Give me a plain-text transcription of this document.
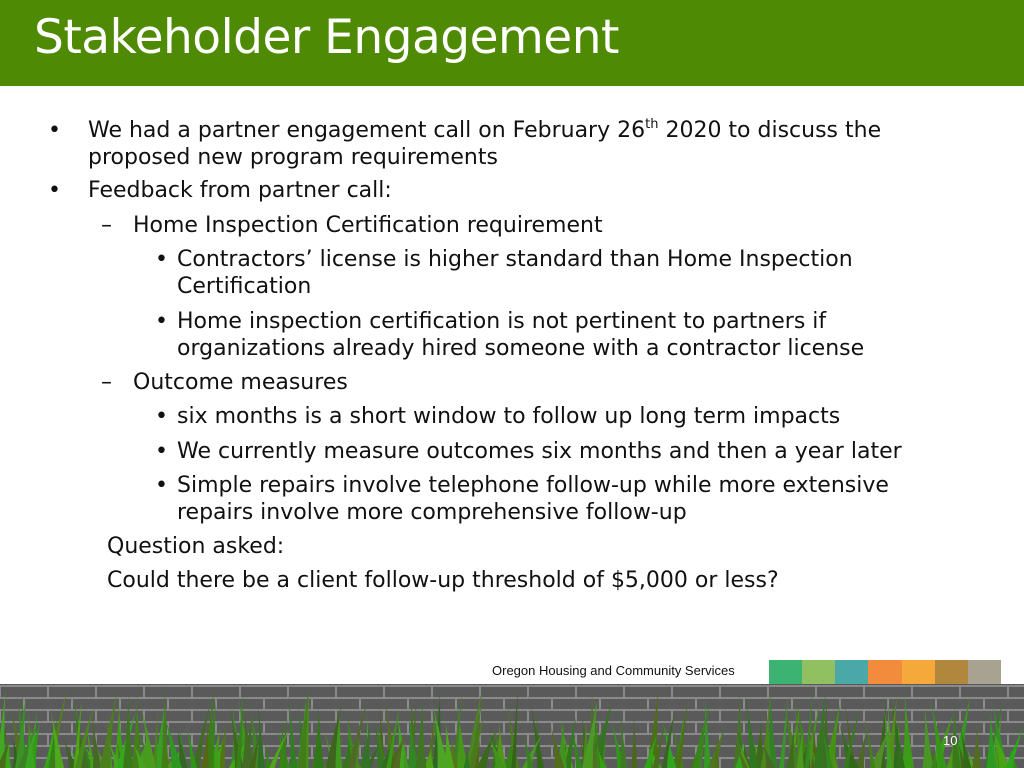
Stakeholder Engagement
• We had a partner engagement call on February 26th 2020 to discuss the
proposed new program requirements
• Feedback from partner call:
– Home Inspection Certification requirement
• Contractors’ license is higher standard than Home Inspection
Certification
• Home inspection certification is not pertinent to partners if
organizations already hired someone with a contractor license
– Outcome measures
• six months is a short window to follow up long term impacts
• We currently measure outcomes six months and then a year later
• Simple repairs involve telephone follow-up while more extensive
repairs involve more comprehensive follow-up
Question asked:
Could there be a client follow-up threshold of $5,000 or less?
Oregon Housing and Community Services
10
